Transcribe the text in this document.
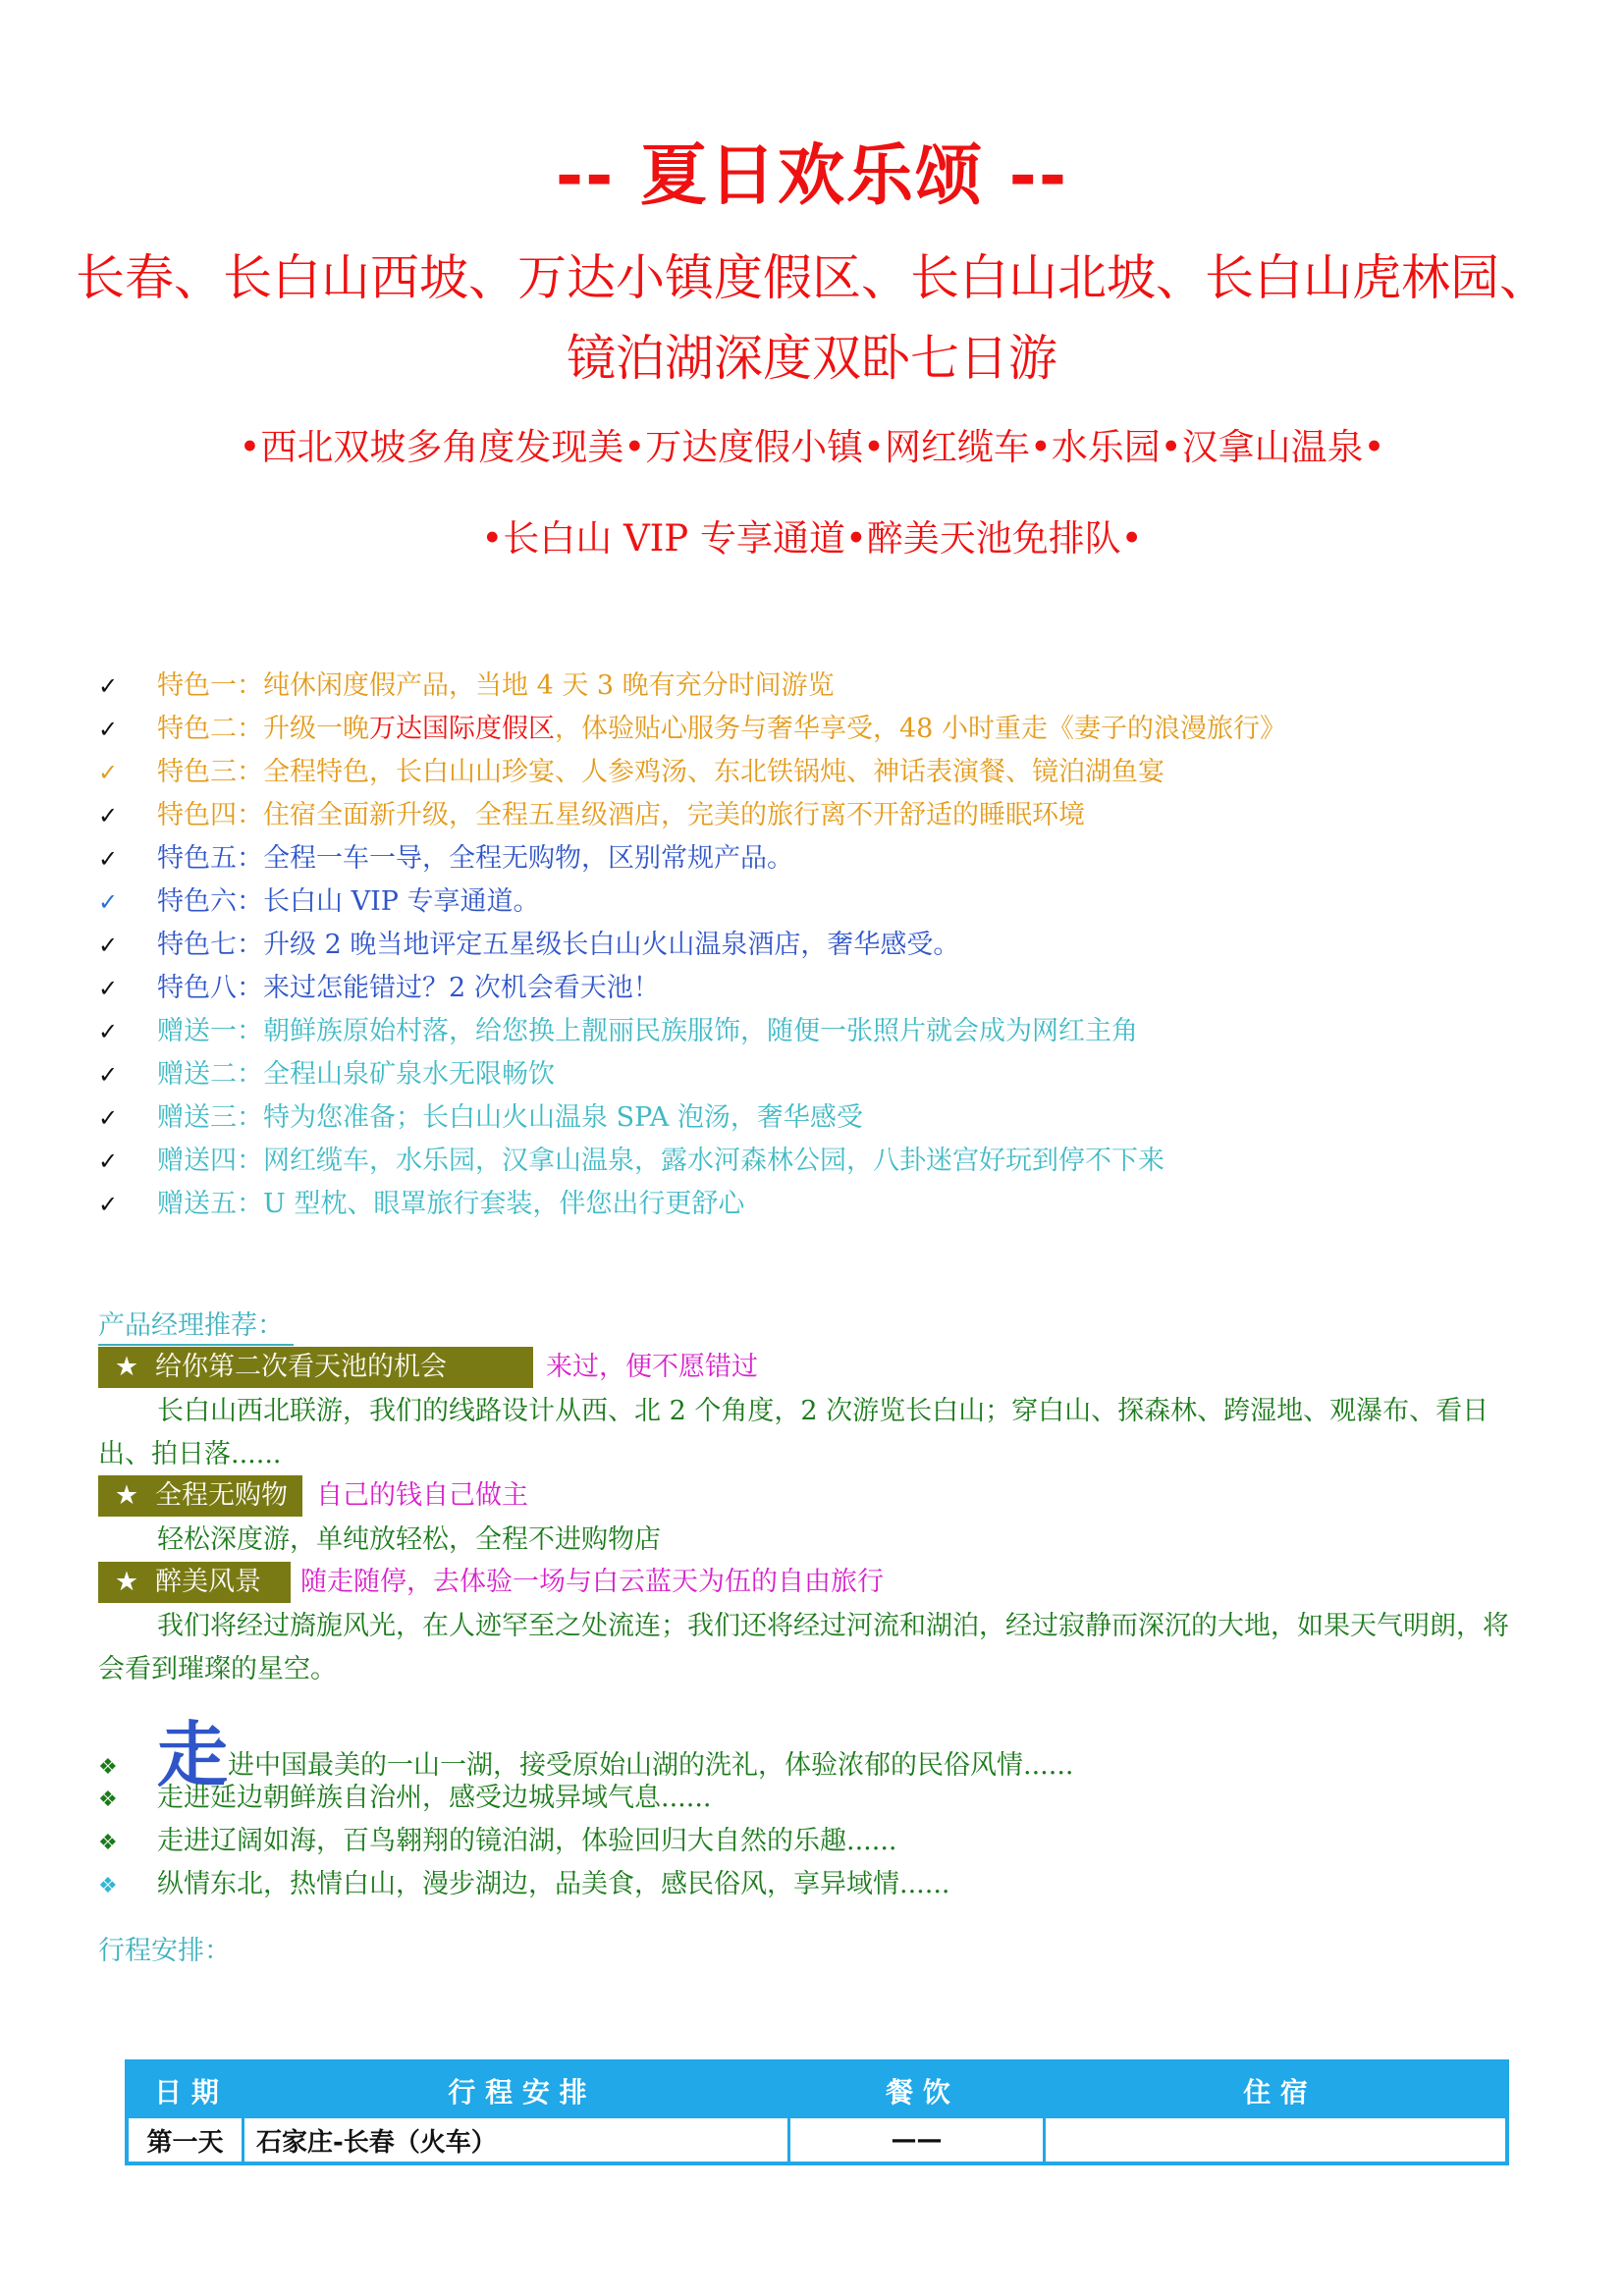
-- 夏日欢乐颂 --
长春、长白山西坡、万达小镇度假区、长白山北坡、长白山虎林园、
镜泊湖深度双卧七日游
•西北双坡多角度发现美•万达度假小镇•网红缆车•水乐园•汉拿山温泉•
•长白山 VIP 专享通道•醉美天池免排队•
✓ 特色一：纯休闲度假产品，当地 4 天 3 晚有充分时间游览
✓ 特色二：升级一晚万达国际度假区，体验贴心服务与奢华享受，48 小时重走《妻子的浪漫旅行》
✓ 特色三：全程特色，长白山山珍宴、人参鸡汤、东北铁锅炖、神话表演餐、镜泊湖鱼宴
✓ 特色四：住宿全面新升级，全程五星级酒店，完美的旅行离不开舒适的睡眠环境
✓ 特色五：全程一车一导，全程无购物，区别常规产品。
✓ 特色六：长白山 VIP 专享通道。
✓ 特色七：升级 2 晚当地评定五星级长白山火山温泉酒店，奢华感受。
✓ 特色八：来过怎能错过？2 次机会看天池！
✓ 赠送一：朝鲜族原始村落，给您换上靓丽民族服饰，随便一张照片就会成为网红主角
✓ 赠送二：全程山泉矿泉水无限畅饮
✓ 赠送三：特为您准备；长白山火山温泉 SPA 泡汤，奢华感受
✓ 赠送四：网红缆车，水乐园，汉拿山温泉，露水河森林公园，八卦迷宫好玩到停不下来
✓ 赠送五：U 型枕、眼罩旅行套装，伴您出行更舒心
产品经理推荐：
★ 给你第二次看天池的机会	来过，便不愿错过
长白山西北联游，我们的线路设计从西、北 2 个角度，2 次游览长白山；穿白山、探森林、跨湿地、观瀑布、看日出、拍日落......
★ 全程无购物	自己的钱自己做主
轻松深度游，单纯放轻松，全程不进购物店
★ 醉美风景	随走随停，去体验一场与白云蓝天为伍的自由旅行
我们将经过旖旎风光，在人迹罕至之处流连；我们还将经过河流和湖泊，经过寂静而深沉的大地，如果天气明朗，将会看到璀璨的星空。
❖ 走进中国最美的一山一湖，接受原始山湖的洗礼，体验浓郁的民俗风情......
❖ 走进延边朝鲜族自治州，感受边城异域气息......
❖ 走进辽阔如海，百鸟翱翔的镜泊湖，体验回归大自然的乐趣......
❖ 纵情东北，热情白山，漫步湖边，品美食，感民俗风，享异域情......
行程安排：
日 期	行 程 安 排	餐 饮	住 宿
第一天	石家庄-长春（火车）	——
